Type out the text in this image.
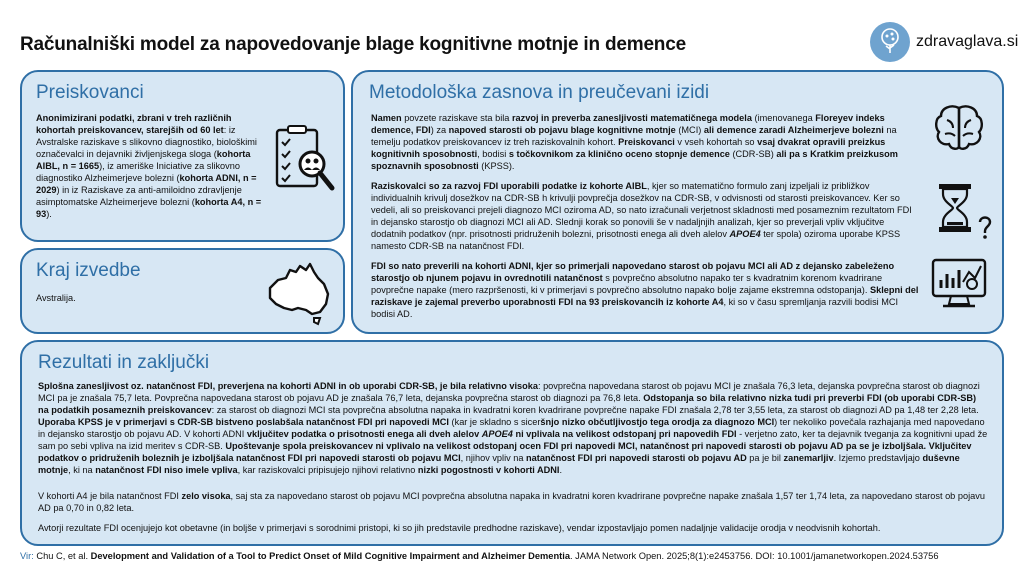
Računalniški model za napovedovanje blage kognitivne motnje in demence	zdravaglava.si
Preiskovanci
Anonimizirani podatki, zbrani v treh različnih kohortah preiskovancev, starejših od 60 let: iz Avstralske raziskave s slikovno diagnostiko, biološkimi označevalci in dejavniki življenjskega sloga (kohorta AIBL, n = 1665), iz ameriške Iniciative za slikovno diagnostiko Alzheimerjeve bolezni (kohorta ADNI, n = 2029) in iz Raziskave za anti-amiloidno zdravljenje asimptomatske Alzheimerjeve bolezni (kohorta A4, n = 93).
Kraj izvedbe
Avstralija.
Metodološka zasnova in preučevani izidi
Namen povzete raziskave sta bila razvoj in preverba zanesljivosti matematičnega modela (imenovanega Floreyev indeks demence, FDI) za napoved starosti ob pojavu blage kognitivne motnje (MCI) ali demence zaradi Alzheimerjeve bolezni na temelju podatkov preiskovancev iz treh raziskovalnih kohort. Preiskovanci v vseh kohortah so vsaj dvakrat opravili preizkus kognitivnih sposobnosti, bodisi s točkovnikom za klinično oceno stopnje demence (CDR-SB) ali pa s Kratkim preizkusom spoznavnih sposobnosti (KPSS).
Raziskovalci so za razvoj FDI uporabili podatke iz kohorte AIBL, kjer so matematično formulo zanj izpeljali iz približkov individualnih krivulj dosežkov na CDR-SB h krivulji povprečja dosežkov na CDR-SB, v odvisnosti od starosti preiskovancev. Ker so vedeli, ali so preiskovanci prejeli diagnozo MCI oziroma AD, so nato izračunali verjetnost skladnosti med posameznim rezultatom FDI in dejansko starostjo ob diagnozi MCI ali AD. Slednji korak so ponovili še v nadaljnjih analizah, kjer so preverjali vpliv vključitve dodatnih podatkov (npr. prisotnosti pridruženih bolezni, prisotnosti enega ali dveh alelov APOE4 ter spola) oziroma uporabe KPSS namesto CDR-SB na natančnost FDI.
FDI so nato preverili na kohorti ADNI, kjer so primerjali napovedano starost ob pojavu MCI ali AD z dejansko zabeleženo starostjo ob njunem pojavu in ovrednotili natančnost s povprečno absolutno napako ter s kvadratnim korenom kvadrirane povprečne napake (mero razpršenosti, ki v primerjavi s povprečno absolutno napako bolje zajame ekstremna odstopanja). Sklepni del raziskave je zajemal preverbo uporabnosti FDI na 93 preiskovancih iz kohorte A4, ki so v času spremljanja razvili bodisi MCI bodisi AD.
Rezultati in zaključki
Splošna zanesljivost oz. natančnost FDI, preverjena na kohorti ADNI in ob uporabi CDR-SB, je bila relativno visoka: povprečna napovedana starost ob pojavu MCI je znašala 76,3 leta, dejanska povprečna starost ob diagnozi MCI pa je znašala 75,7 leta. Povprečna napovedana starost ob pojavu AD je znašala 76,7 leta, dejanska povprečna starost ob diagnozi pa 76,8 leta. Odstopanja so bila relativno nizka tudi pri preverbi FDI (ob uporabi CDR-SB) na podatkih posameznih preiskovancev: za starost ob diagnozi MCI sta povprečna absolutna napaka in kvadratni koren kvadrirane povprečne napake FDI znašala 2,78 ter 3,55 leta, za starost ob diagnozi AD pa 1,48 ter 2,28 leta. Uporaba KPSS je v primerjavi s CDR-SB bistveno poslabšala natančnost FDI pri napovedi MCI (kar je skladno s siceršnjo nizko občutljivostjo tega orodja za diagnozo MCI) ter nekoliko povečala razhajanja med napovedano in dejansko starostjo ob pojavu AD. V kohorti ADNI vključitev podatka o prisotnosti enega ali dveh alelov APOE4 ni vplivala na velikost odstopanj pri napovedih FDI - verjetno zato, ker ta dejavnik tveganja za kognitivni upad že sam po sebi vpliva na izid meritev s CDR-SB. Upoštevanje spola preiskovancev ni vplivalo na velikost odstopanj ocen FDI pri napovedi MCI, natančnost pri napovedi starosti ob pojavu AD pa se je izboljšala. Vključitev podatkov o pridruženih boleznih je izboljšala natančnost FDI pri napovedi starosti ob pojavu MCI, njihov vpliv na natančnost FDI pri napovedi starosti ob pojavu AD pa je bil zanemarljiv. Izjemo predstavljajo duševne motnje, ki na natančnost FDI niso imele vpliva, kar raziskovalci pripisujejo njihovi relativno nizki pogostnosti v kohorti ADNI.
V kohorti A4 je bila natančnost FDI zelo visoka, saj sta za napovedano starost ob pojavu MCI povprečna absolutna napaka in kvadratni koren kvadrirane povprečne napake znašala 1,57 ter 1,74 leta, za napovedano starost ob pojavu AD pa 0,70 in 0,82 leta.
Avtorji rezultate FDI ocenjujejo kot obetavne (in boljše v primerjavi s sorodnimi pristopi, ki so jih predstavile predhodne raziskave), vendar izpostavljajo pomen nadaljnje validacije orodja v neodvisnih kohortah.
Vir: Chu C, et al. Development and Validation of a Tool to Predict Onset of Mild Cognitive Impairment and Alzheimer Dementia. JAMA Network Open. 2025;8(1):e2453756. DOI: 10.1001/jamanetworkopen.2024.53756
